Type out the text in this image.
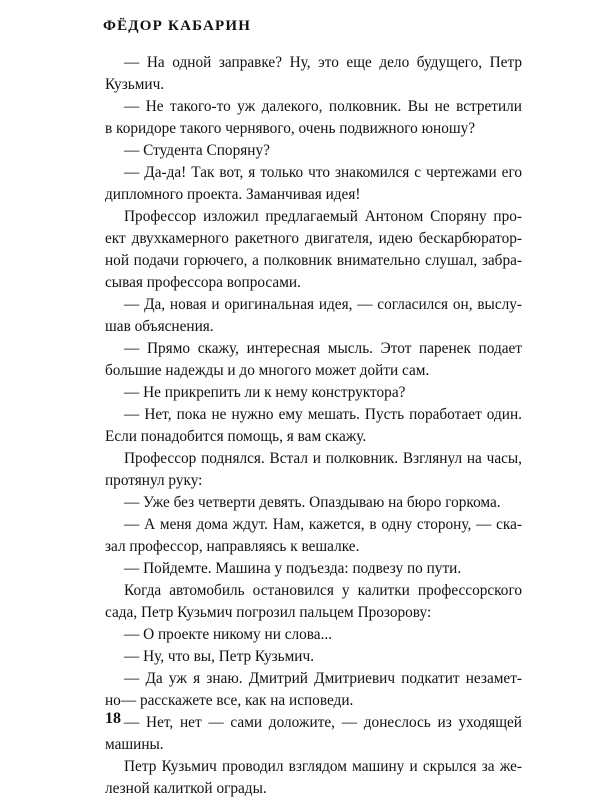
ФЁДОР КАБАРИН
— На одной заправке? Ну, это еще дело будущего, Петр
Кузьмич.
— Не такого-то уж далекого, полковник. Вы не встретили
в коридоре такого чернявого, очень подвижного юношу?
— Студента Споряну?
— Да-да! Так вот, я только что знакомился с чертежами его
дипломного проекта. Заманчивая идея!
Профессор изложил предлагаемый Антоном Споряну про-
ект двухкамерного ракетного двигателя, идею бескарбюратор-
ной подачи горючего, а полковник внимательно слушал, забра-
сывая профессора вопросами.
— Да, новая и оригинальная идея, — согласился он, выслу-
шав объяснения.
— Прямо скажу, интересная мысль. Этот паренек подает
большие надежды и до многого может дойти сам.
— Не прикрепить ли к нему конструктора?
— Нет, пока не нужно ему мешать. Пусть поработает один.
Если понадобится помощь, я вам скажу.
Профессор поднялся. Встал и полковник. Взглянул на часы,
протянул руку:
— Уже без четверти девять. Опаздываю на бюро горкома.
— А меня дома ждут. Нам, кажется, в одну сторону, — ска-
зал профессор, направляясь к вешалке.
— Пойдемте. Машина у подъезда: подвезу по пути.
Когда автомобиль остановился у калитки профессорского
сада, Петр Кузьмич погрозил пальцем Прозорову:
— О проекте никому ни слова...
— Ну, что вы, Петр Кузьмич.
— Да уж я знаю. Дмитрий Дмитриевич подкатит незамет-
но— расскажете все, как на исповеди.
— Нет, нет — сами доложите, — донеслось из уходящей
машины.
Петр Кузьмич проводил взглядом машину и скрылся за же-
лезной калиткой ограды.
18
